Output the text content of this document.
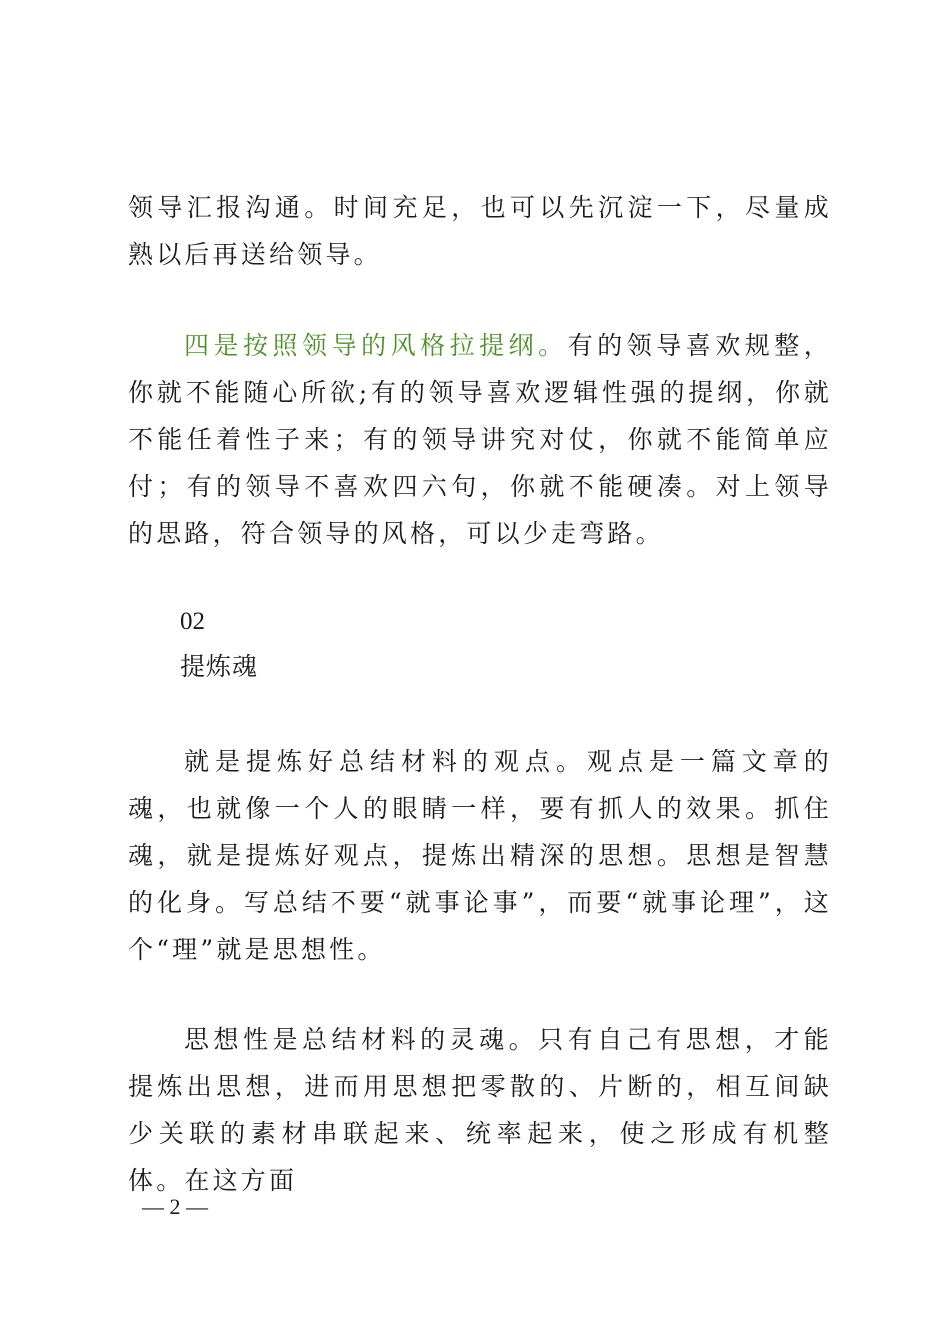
领导汇报沟通。时间充足，也可以先沉淀一下，尽量成熟以后再送给领导。

四是按照领导的风格拉提纲。有的领导喜欢规整，你就不能随心所欲;有的领导喜欢逻辑性强的提纲，你就不能任着性子来；有的领导讲究对仗，你就不能简单应付；有的领导不喜欢四六句，你就不能硬凑。对上领导的思路，符合领导的风格，可以少走弯路。

02

提炼魂

就是提炼好总结材料的观点。观点是一篇文章的魂，也就像一个人的眼睛一样，要有抓人的效果。抓住魂，就是提炼好观点，提炼出精深的思想。思想是智慧的化身。写总结不要“就事论事”，而要“就事论理”，这个“理”就是思想性。

思想性是总结材料的灵魂。只有自己有思想，才能提炼出思想，进而用思想把零散的、片断的，相互间缺少关联的素材串联起来、统率起来，使之形成有机整体。在这方面

— 2 —
